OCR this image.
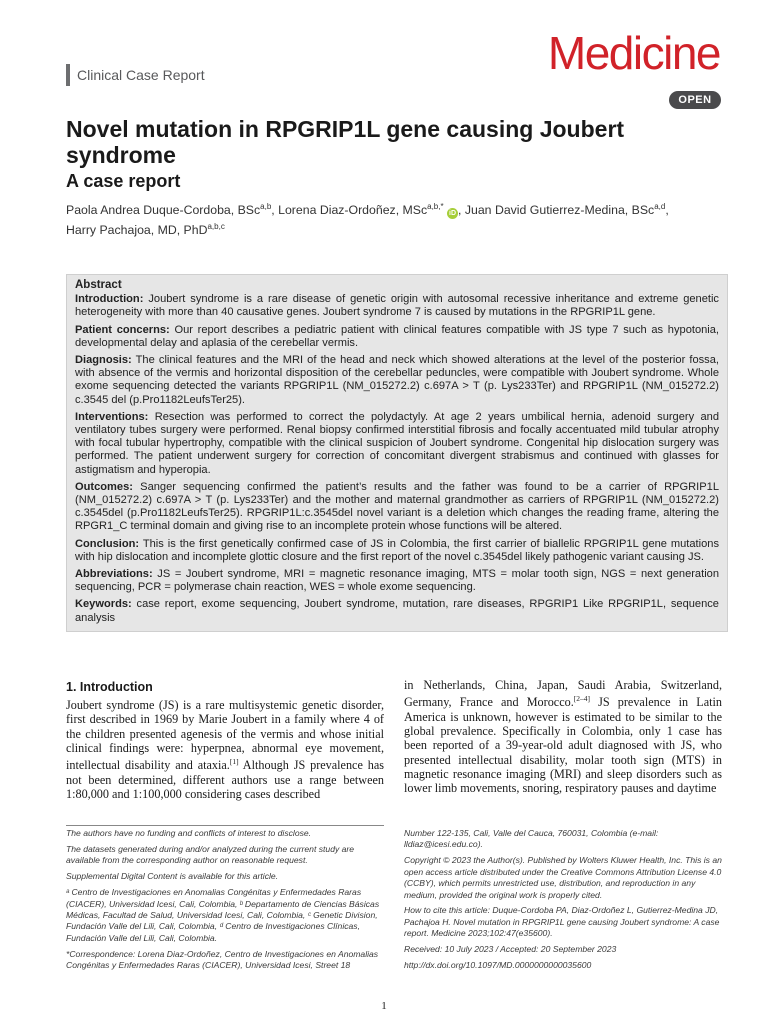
Clinical Case Report	Medicine
OPEN
Novel mutation in RPGRIP1L gene causing Joubert syndrome
A case report
Paola Andrea Duque-Cordoba, BSc$^{a,b}$, Lorena Diaz-Ordoñez, MSc$^{a,b,*}$ iD , Juan David Gutierrez-Medina, BSc$^{a,d}$,
Harry Pachajoa, MD, PhD$^{a,b,c}$
Abstract

Introduction: Joubert syndrome is a rare disease of genetic origin with autosomal recessive inheritance and extreme genetic heterogeneity with more than 40 causative genes. Joubert syndrome 7 is caused by mutations in the RPGRIP1L gene.

Patient concerns: Our report describes a pediatric patient with clinical features compatible with JS type 7 such as hypotonia, developmental delay and aplasia of the cerebellar vermis.

Diagnosis: The clinical features and the MRI of the head and neck which showed alterations at the level of the posterior fossa, with absence of the vermis and horizontal disposition of the cerebellar peduncles, were compatible with Joubert syndrome. Whole exome sequencing detected the variants RPGRIP1L (NM_015272.2) c.697A > T (p. Lys233Ter) and RPGRIP1L (NM_015272.2) c.3545 del (p.Pro1182LeufsTer25).

Interventions: Resection was performed to correct the polydactyly. At age 2 years umbilical hernia, adenoid surgery and ventilatory tubes surgery were performed. Renal biopsy confirmed interstitial fibrosis and focally accentuated mild tubular atrophy with focal tubular hypertrophy, compatible with the clinical suspicion of Joubert syndrome. Congenital hip dislocation surgery was performed. The patient underwent surgery for correction of concomitant divergent strabismus and continued with glasses for astigmatism and hyperopia.

Outcomes: Sanger sequencing confirmed the patient’s results and the father was found to be a carrier of RPGRIP1L (NM_015272.2) c.697A > T (p. Lys233Ter) and the mother and maternal grandmother as carriers of RPGRIP1L (NM_015272.2) c.3545del (p.Pro1182LeufsTer25). RPGRIP1L:c.3545del novel variant is a deletion which changes the reading frame, altering the RPGR1_C terminal domain and giving rise to an incomplete protein whose functions will be altered.

Conclusion: This is the first genetically confirmed case of JS in Colombia, the first carrier of biallelic RPGRIP1L gene mutations with hip dislocation and incomplete glottic closure and the first report of the novel c.3545del likely pathogenic variant causing JS.

Abbreviations: JS = Joubert syndrome, MRI = magnetic resonance imaging, MTS = molar tooth sign, NGS = next generation sequencing, PCR = polymerase chain reaction, WES = whole exome sequencing.

Keywords: case report, exome sequencing, Joubert syndrome, mutation, rare diseases, RPGRIP1 Like RPGRIP1L, sequence analysis

1. Introduction
Joubert syndrome (JS) is a rare multisystemic genetic disorder, first described in 1969 by Marie Joubert in a family where 4 of the children presented agenesis of the vermis and whose initial clinical findings were: hyperpnea, abnormal eye movement, intellectual disability and ataxia.[1] Although JS prevalence has not been determined, different authors use a range between 1:80,000 and 1:100,000 considering cases described
in Netherlands, China, Japan, Saudi Arabia, Switzerland, Germany, France and Morocco.[2–4] JS prevalence in Latin America is unknown, however is estimated to be similar to the global prevalence. Specifically in Colombia, only 1 case has been reported of a 39-year-old adult diagnosed with JS, who presented intellectual disability, molar tooth sign (MTS) in magnetic resonance imaging (MRI) and sleep disorders such as lower limb movements, snoring, respiratory pauses and daytime

The authors have no funding and conflicts of interest to disclose.

The datasets generated during and/or analyzed during the current study are available from the corresponding author on reasonable request.

Supplemental Digital Content is available for this article.

ᵃ Centro de Investigaciones en Anomalias Congénitas y Enfermedades Raras (CIACER), Universidad Icesi, Cali, Colombia, ᵇ Departamento de Ciencias Básicas Médicas, Facultad de Salud, Universidad Icesi, Cali, Colombia, ᶜ Genetic Division, Fundación Valle del Lili, Cali, Colombia, ᵈ Centro de Investigaciones Clínicas, Fundación Valle del Lili, Cali, Colombia.

*Correspondence: Lorena Diaz-Ordoñez, Centro de Investigaciones en Anomalias Congénitas y Enfermedades Raras (CIACER), Universidad Icesi, Street 18

Number 122-135, Cali, Valle del Cauca, 760031, Colombia (e-mail: lldiaz@icesi.edu.co).

Copyright © 2023 the Author(s). Published by Wolters Kluwer Health, Inc. This is an open access article distributed under the Creative Commons Attribution License 4.0 (CCBY), which permits unrestricted use, distribution, and reproduction in any medium, provided the original work is properly cited.

How to cite this article: Duque-Cordoba PA, Diaz-Ordoñez L, Gutierrez-Medina JD, Pachajoa H. Novel mutation in RPGRIP1L gene causing Joubert syndrome: A case report. Medicine 2023;102:47(e35600).

Received: 10 July 2023 / Accepted: 20 September 2023

http://dx.doi.org/10.1097/MD.0000000000035600

1
